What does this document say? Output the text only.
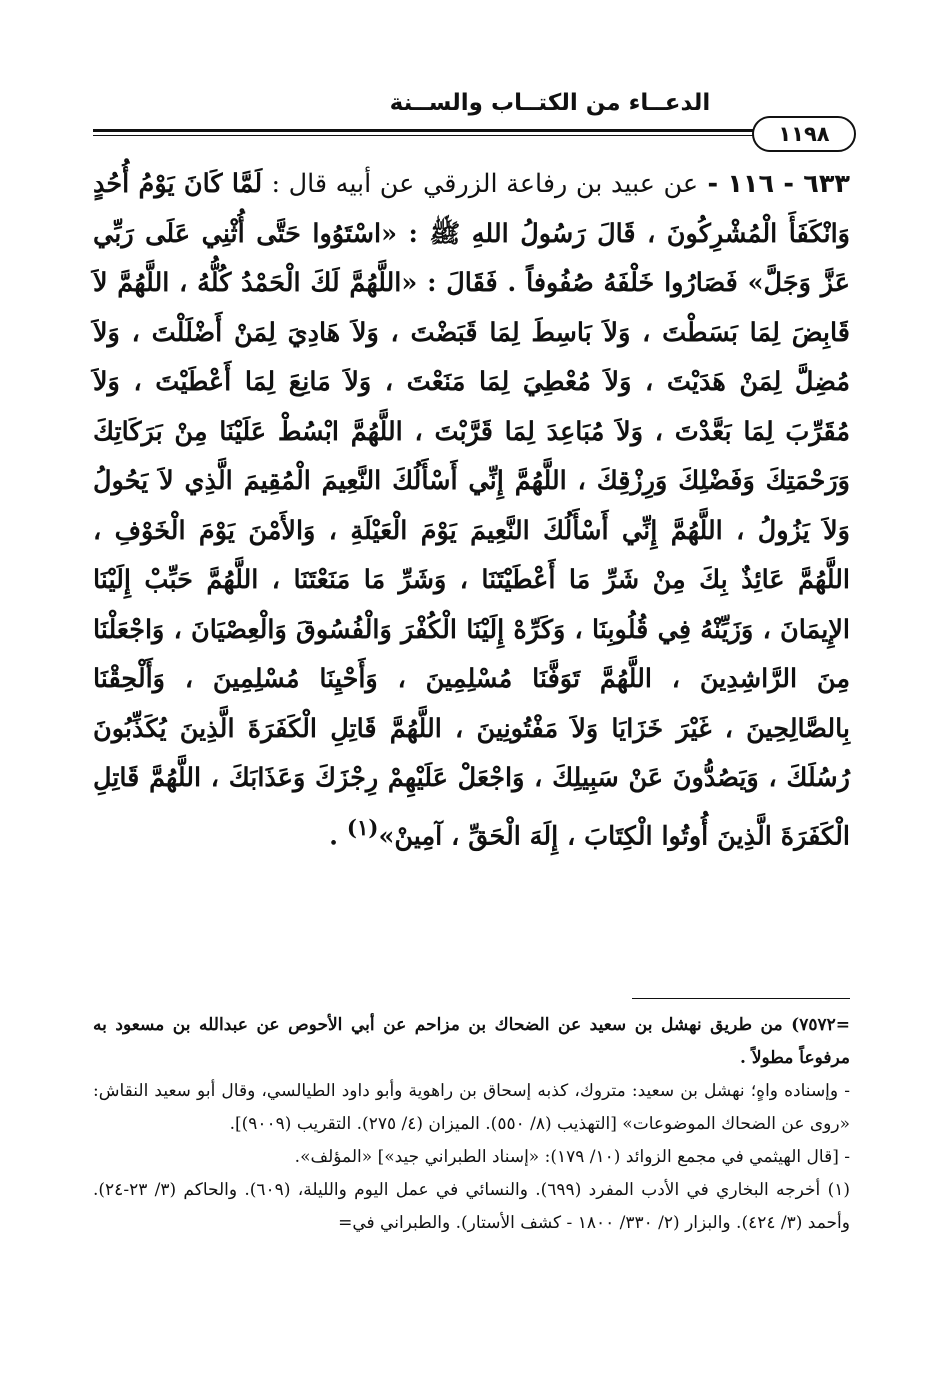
الدعــاء من الكتــاب والســنة
١١٩٨

٦٣٣ - ١١٦ - عن عبيد بن رفاعة الزرقي عن أبيه قال : لَمَّا كَانَ يَوْمُ أُحُدٍ وَانْكَفَأَ الْمُشْرِكُونَ ، قَالَ رَسُولُ اللهِ ﷺ : «اسْتَوُوا حَتَّى أُثْنِي عَلَى رَبِّي عَزَّ وَجَلَّ» فَصَارُوا خَلْفَهُ صُفُوفاً . فَقَالَ : «اللَّهُمَّ لَكَ الْحَمْدُ كُلُّهُ ، اللَّهُمَّ لاَ قَابِضَ لِمَا بَسَطْتَ ، وَلاَ بَاسِطَ لِمَا قَبَضْتَ ، وَلاَ هَادِيَ لِمَنْ أَضْلَلْتَ ، وَلاَ مُضِلَّ لِمَنْ هَدَيْتَ ، وَلاَ مُعْطِيَ لِمَا مَنَعْتَ ، وَلاَ مَانِعَ لِمَا أَعْطَيْتَ ، وَلاَ مُقَرِّبَ لِمَا بَعَّدْتَ ، وَلاَ مُبَاعِدَ لِمَا قَرَّبْتَ ، اللَّهُمَّ ابْسُطْ عَلَيْنَا مِنْ بَرَكَاتِكَ وَرَحْمَتِكَ وَفَضْلِكَ وَرِزْقِكَ ، اللَّهُمَّ إِنِّي أَسْأَلُكَ النَّعِيمَ الْمُقِيمَ الَّذِي لاَ يَحُولُ وَلاَ يَزُولُ ، اللَّهُمَّ إِنِّي أَسْأَلُكَ النَّعِيمَ يَوْمَ الْعَيْلَةِ ، وَالأَمْنَ يَوْمَ الْخَوْفِ ، اللَّهُمَّ عَائِذٌ بِكَ مِنْ شَرِّ مَا أَعْطَيْتَنَا ، وَشَرِّ مَا مَنَعْتَنَا ، اللَّهُمَّ حَبِّبْ إِلَيْنَا الإِيمَانَ ، وَزَيِّنْهُ فِي قُلُوبِنَا ، وَكَرِّهْ إِلَيْنَا الْكُفْرَ وَالْفُسُوقَ وَالْعِصْيَانَ ، وَاجْعَلْنَا مِنَ الرَّاشِدِينَ ، اللَّهُمَّ تَوَفَّنَا مُسْلِمِينَ ، وَأَحْيِنَا مُسْلِمِينَ ، وَأَلْحِقْنَا بِالصَّالِحِينَ ، غَيْرَ خَزَايَا وَلاَ مَفْتُونِينَ ، اللَّهُمَّ قَاتِلِ الْكَفَرَةَ الَّذِينَ يُكَذِّبُونَ رُسُلَكَ ، وَيَصُدُّونَ عَنْ سَبِيلِكَ ، وَاجْعَلْ عَلَيْهِمْ رِجْزَكَ وَعَذَابَكَ ، اللَّهُمَّ قَاتِلِ الْكَفَرَةَ الَّذِينَ أُوتُوا الْكِتَابَ ، إِلَهَ الْحَقِّ ، آمِينْ»$^{(١)}$ .

=٧٥٧٢) من طريق نهشل بن سعيد عن الضحاك بن مزاحم عن أبي الأحوص عن عبدالله بن مسعود به مرفوعاً مطولاً .

- وإسناده واهٍ؛ نهشل بن سعيد: متروك، كذبه إسحاق بن راهوية وأبو داود الطيالسي، وقال أبو سعيد النقاش: «روى عن الضحاك الموضوعات» [التهذيب (٨/ ٥٥٠). الميزان (٤/ ٢٧٥). التقريب (٩٠٠٩)].

- [قال الهيثمي في مجمع الزوائد (١٠/ ١٧٩): «إسناد الطبراني جيد»] «المؤلف».

(١) أخرجه البخاري في الأدب المفرد (٦٩٩). والنسائي في عمل اليوم والليلة، (٦٠٩). والحاكم (٣/ ٢٣-٢٤). وأحمد (٣/ ٤٢٤). والبزار (٢/ ٣٣٠/ ١٨٠٠ - كشف الأستار). والطبراني في=
